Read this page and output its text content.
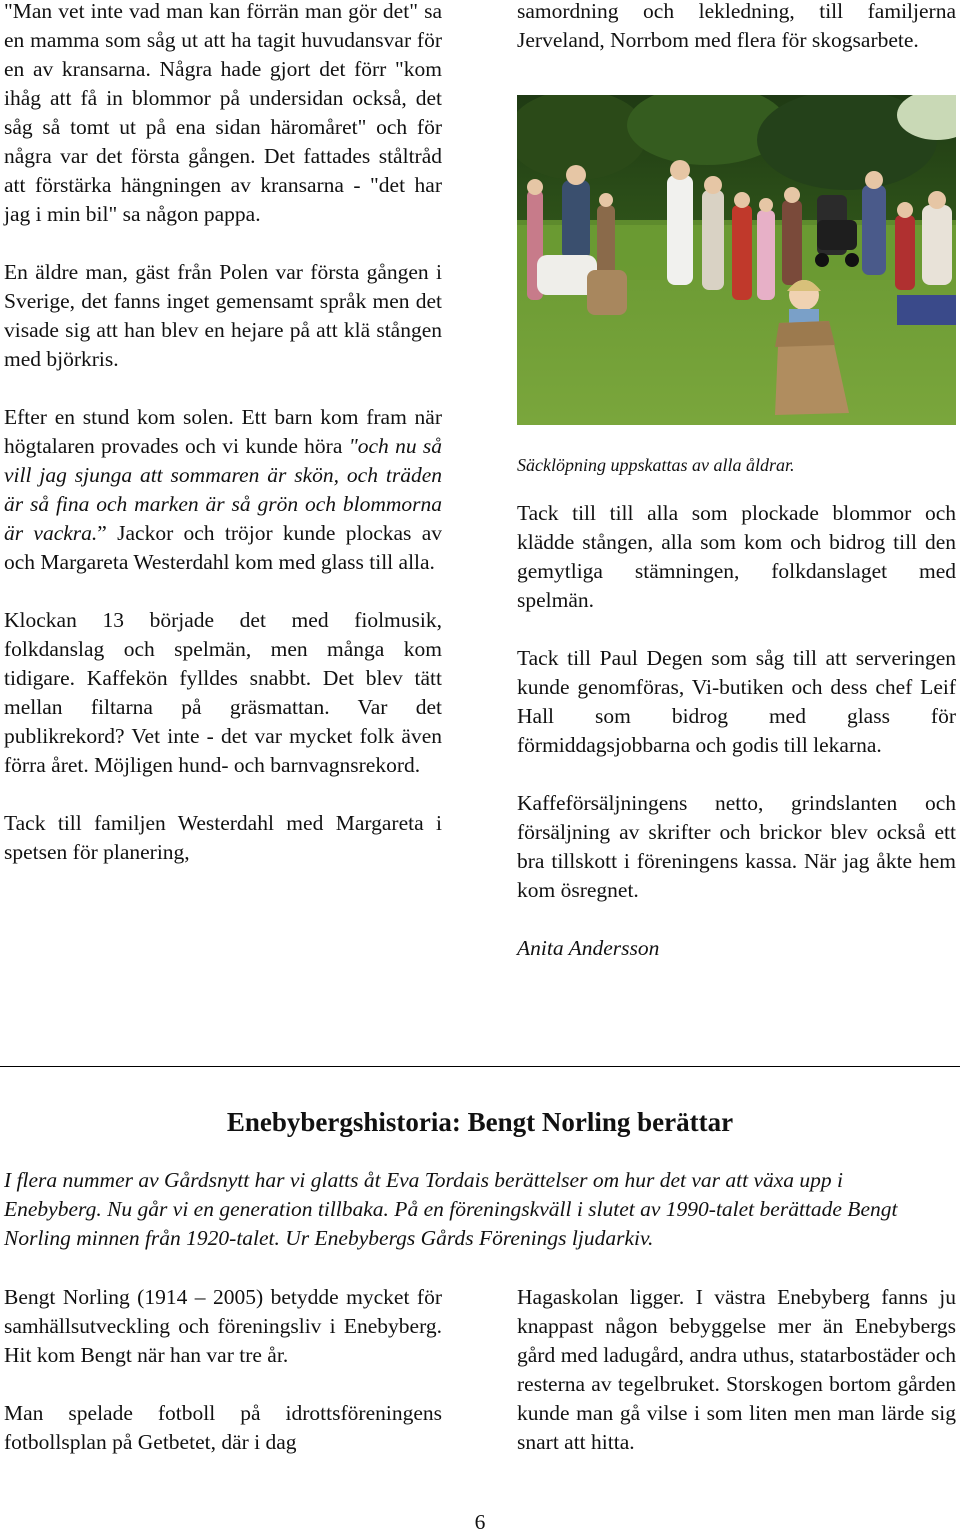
"Man vet inte vad man kan förrän man gör det" sa en mamma som såg ut att ha tagit huvudansvar för en av kransarna. Några hade gjort det förr "kom ihåg att få in blommor på undersidan också, det såg så tomt ut på ena sidan häromåret" och för några var det första gången. Det fattades ståltråd att förstärka hängningen av kransarna - "det har jag i min bil" sa någon pappa.

En äldre man, gäst från Polen var första gången i Sverige, det fanns inget gemensamt språk men det visade sig att han blev en hejare på att klä stången med björkris.

Efter en stund kom solen. Ett barn kom fram när högtalaren provades och vi kunde höra "och nu så vill jag sjunga att sommaren är skön, och träden är så fina och marken är så grön och blommorna är vackra.” Jackor och tröjor kunde plockas av och Margareta Westerdahl kom med glass till alla.

Klockan 13 började det med fiolmusik, folkdanslag och spelmän, men många kom tidigare. Kaffekön fylldes snabbt. Det blev tätt mellan filtarna på gräsmattan. Var det publikrekord? Vet inte - det var mycket folk även förra året. Möjligen hund- och barnvagnsrekord.

Tack till familjen Westerdahl med Margareta i spetsen för planering,

samordning och lekledning, till familjerna Jerveland, Norrbom med flera för skogsarbete.

Säcklöpning uppskattas av alla åldrar.

Tack till till alla som plockade blommor och klädde stången, alla som kom och bidrog till den gemytliga stämningen, folkdanslaget med spelmän.

Tack till Paul Degen som såg till att serveringen kunde genomföras, Vi-butiken och dess chef Leif Hall som bidrog med glass för förmiddagsjobbarna och godis till lekarna.

Kaffeförsäljningens netto, grindslanten och försäljning av skrifter och brickor blev också ett bra tillskott i föreningens kassa. När jag åkte hem kom ösregnet.

Anita Andersson

Enebybergshistoria: Bengt Norling berättar

I flera nummer av Gårdsnytt har vi glatts åt Eva Tordais berättelser om hur det var att växa upp i Enebyberg. Nu går vi en generation tillbaka. På en föreningskväll i slutet av 1990-talet berättade Bengt Norling minnen från 1920-talet. Ur Enebybergs Gårds Förenings ljudarkiv.

Bengt Norling (1914 – 2005) betydde mycket för samhällsutveckling och föreningsliv i Enebyberg. Hit kom Bengt när han var tre år.

Man spelade fotboll på idrottsföreningens fotbollsplan på Getbetet, där i dag

Hagaskolan ligger. I västra Enebyberg fanns ju knappast någon bebyggelse mer än Enebybergs gård med ladugård, andra uthus, statarbostäder och resterna av tegelbruket. Storskogen bortom gården kunde man gå vilse i som liten men man lärde sig snart att hitta.

6
